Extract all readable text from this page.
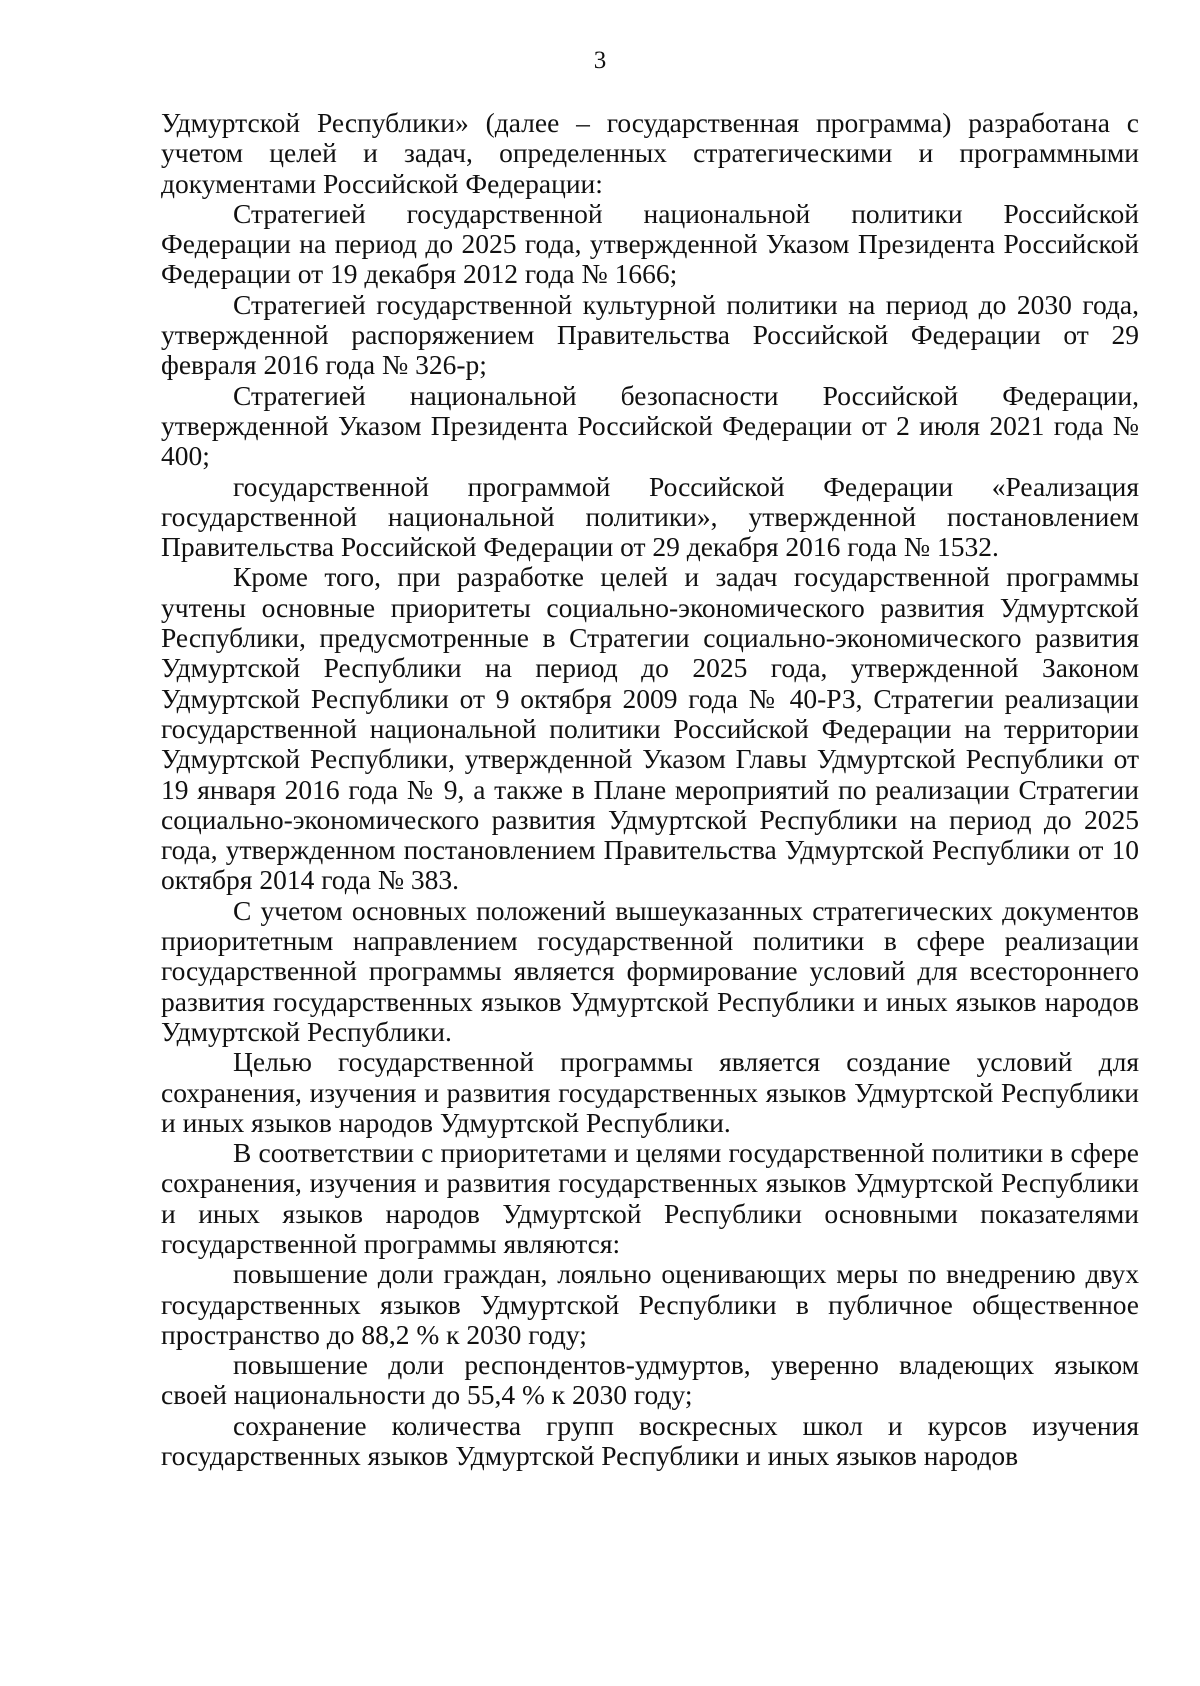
3

Удмуртской Республики» (далее – государственная программа) разработана с учетом целей и задач, определенных стратегическими и программными документами Российской Федерации:

Стратегией государственной национальной политики Российской Федерации на период до 2025 года, утвержденной Указом Президента Российской Федерации от 19 декабря 2012 года № 1666;

Стратегией государственной культурной политики на период до 2030 года, утвержденной распоряжением Правительства Российской Федерации от 29 февраля 2016 года № 326-р;

Стратегией национальной безопасности Российской Федерации, утвержденной Указом Президента Российской Федерации от 2 июля 2021 года № 400;

государственной программой Российской Федерации «Реализация государственной национальной политики», утвержденной постановлением Правительства Российской Федерации от 29 декабря 2016 года № 1532.

Кроме того, при разработке целей и задач государственной программы учтены основные приоритеты социально-экономического развития Удмуртской Республики, предусмотренные в Стратегии социально-экономического развития Удмуртской Республики на период до 2025 года, утвержденной Законом Удмуртской Республики от 9 октября 2009 года № 40-РЗ, Стратегии реализации государственной национальной политики Российской Федерации на территории Удмуртской Республики, утвержденной Указом Главы Удмуртской Республики от 19 января 2016 года № 9, а также в Плане мероприятий по реализации Стратегии социально-экономического развития Удмуртской Республики на период до 2025 года, утвержденном постановлением Правительства Удмуртской Республики от 10 октября 2014 года № 383.

С учетом основных положений вышеуказанных стратегических документов приоритетным направлением государственной политики в сфере реализации государственной программы является формирование условий для всестороннего развития государственных языков Удмуртской Республики и иных языков народов Удмуртской Республики.

Целью государственной программы является создание условий для сохранения, изучения и развития государственных языков Удмуртской Республики и иных языков народов Удмуртской Республики.

В соответствии с приоритетами и целями государственной политики в сфере сохранения, изучения и развития государственных языков Удмуртской Республики и иных языков народов Удмуртской Республики основными показателями государственной программы являются:

повышение доли граждан, лояльно оценивающих меры по внедрению двух государственных языков Удмуртской Республики в публичное общественное пространство до 88,2 % к 2030 году;

повышение доли респондентов-удмуртов, уверенно владеющих языком своей национальности до 55,4 % к 2030 году;

сохранение количества групп воскресных школ и курсов изучения государственных языков Удмуртской Республики и иных языков народов
